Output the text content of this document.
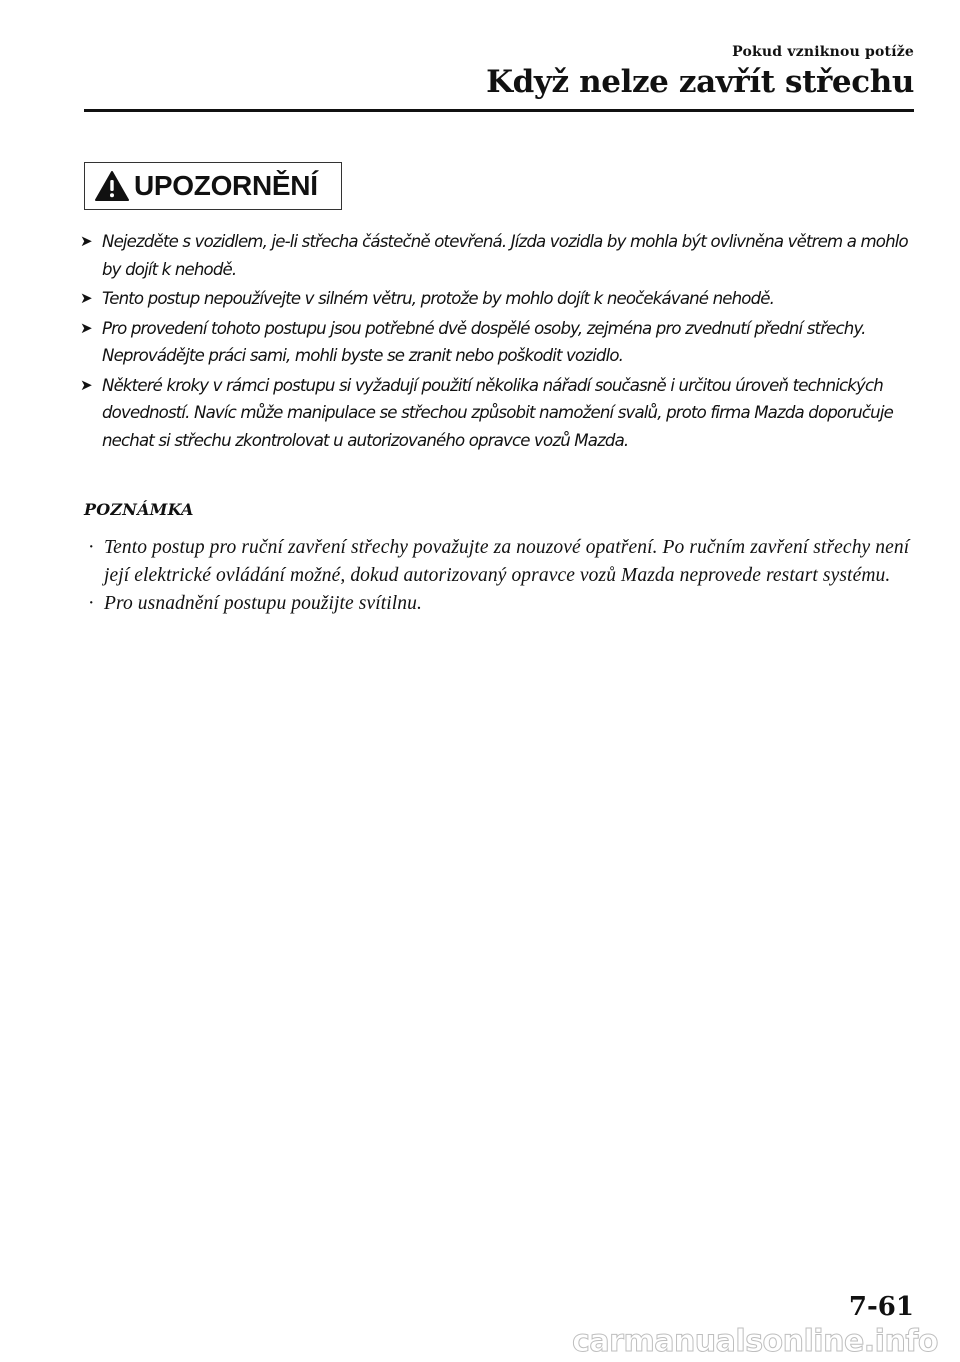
Pokud vzniknou potíže
Když nelze zavřít střechu
UPOZORNĚNÍ
➤ Nejezděte s vozidlem, je-li střecha částečně otevřená. Jízda vozidla by mohla být ovlivněna větrem a mohlo by dojít k nehodě.
➤ Tento postup nepoužívejte v silném větru, protože by mohlo dojít k neočekávané nehodě.
➤ Pro provedení tohoto postupu jsou potřebné dvě dospělé osoby, zejména pro zvednutí přední střechy. Neprovádějte práci sami, mohli byste se zranit nebo poškodit vozidlo.
➤ Některé kroky v rámci postupu si vyžadují použití několika nářadí současně i určitou úroveň technických dovedností. Navíc může manipulace se střechou způsobit namožení svalů, proto firma Mazda doporučuje nechat si střechu zkontrolovat u autorizovaného opravce vozů Mazda.
POZNÁMKA
· Tento postup pro ruční zavření střechy považujte za nouzové opatření. Po ručním zavření střechy není její elektrické ovládání možné, dokud autorizovaný opravce vozů Mazda neprovede restart systému.
· Pro usnadnění postupu použijte svítilnu.
7-61
carmanualsonline.info
